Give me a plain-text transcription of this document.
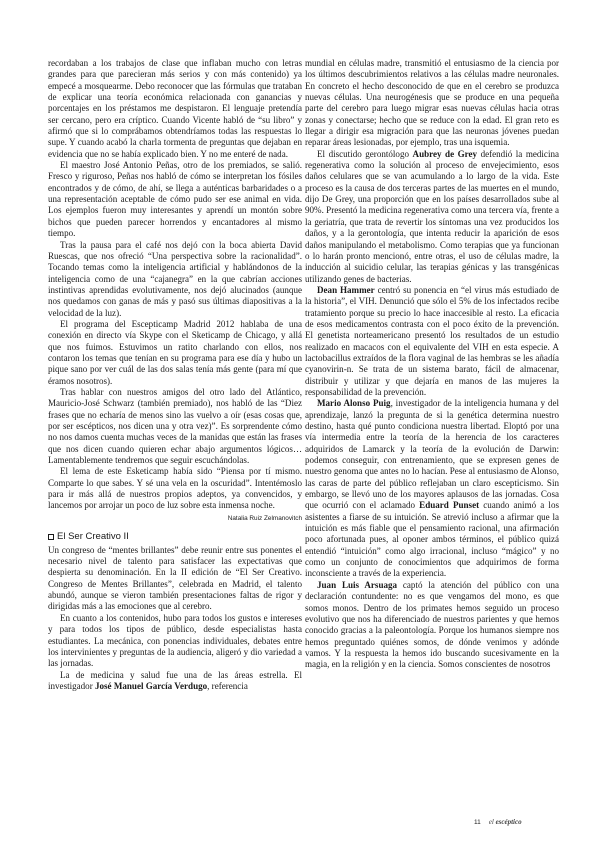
recordaban a los trabajos de clase que inflaban mucho con letras grandes para que parecieran más serios y con más contenido) ya empecé a mosquearme. Debo reconocer que las fórmulas que trataban de explicar una teoría económica relacionada con ganancias y porcentajes en los préstamos me despistaron. El lenguaje pretendía ser cercano, pero era críptico. Cuando Vicente habló de “su libro” y afirmó que si lo comprábamos obtendríamos todas las respuestas lo supe. Y cuando acabó la charla tormenta de preguntas que dejaban en evidencia que no se había explicado bien. Y no me enteré de nada.

El maestro José Antonio Peñas, otro de los premiados, se salió. Fresco y riguroso, Peñas nos habló de cómo se interpretan los fósiles encontrados y de cómo, de ahí, se llega a auténticas barbaridades o a una representación aceptable de cómo pudo ser ese animal en vida. Los ejemplos fueron muy interesantes y aprendí un montón sobre bichos que pueden parecer horrendos y encantadores al mismo tiempo.

Tras la pausa para el café nos dejó con la boca abierta David Ruescas, que nos ofreció “Una perspectiva sobre la racionalidad”. Tocando temas como la inteligencia artificial y hablándonos de la inteligencia como de una “cajanegra” en la que cabrían acciones instintivas aprendidas evolutivamente, nos dejó alucinados (aunque nos quedamos con ganas de más y pasó sus últimas diapositivas a la velocidad de la luz).

El programa del Escepticamp Madrid 2012 hablaba de una conexión en directo vía Skype con el Sketicamp de Chicago, y allá que nos fuimos. Estuvimos un ratito charlando con ellos, nos contaron los temas que tenían en su programa para ese día y hubo un pique sano por ver cuál de las dos salas tenía más gente (para mí que éramos nosotros).

Tras hablar con nuestros amigos del otro lado del Atlántico, Mauricio-José Schwarz (también premiado), nos habló de las “Diez frases que no echaría de menos sino las vuelvo a oír (esas cosas que, por ser escépticos, nos dicen una y otra vez)”. Es sorprendente cómo no nos damos cuenta muchas veces de la manidas que están las frases que nos dicen cuando quieren echar abajo argumentos lógicos… Lamentablemente tendremos que seguir escuchándolas.

El lema de este Esketicamp había sido “Piensa por tí mismo. Comparte lo que sabes. Y sé una vela en la oscuridad”. Intentémoslo para ir más allá de nuestros propios adeptos, ya convencidos, y lancemos por arrojar un poco de luz sobre esta inmensa noche.

Natalia Ruiz Zelmanovitch

El Ser Creativo II

Un congreso de “mentes brillantes” debe reunir entre sus ponentes el necesario nivel de talento para satisfacer las expectativas que despierta su denominación. En la II edición de “El Ser Creativo. Congreso de Mentes Brillantes”, celebrada en Madrid, el talento abundó, aunque se vieron también presentaciones faltas de rigor y dirigidas más a las emociones que al cerebro.

En cuanto a los contenidos, hubo para todos los gustos e intereses y para todos los tipos de público, desde especialistas hasta estudiantes. La mecánica, con ponencias individuales, debates entre los intervinientes y preguntas de la audiencia, aligeró y dio variedad a las jornadas.

La de medicina y salud fue una de las áreas estrella. El investigador José Manuel García Verdugo, referencia

mundial en células madre, transmitió el entusiasmo de la ciencia por los últimos descubrimientos relativos a las células madre neuronales. En concreto el hecho desconocido de que en el cerebro se produzca nuevas células. Una neurogénesis que se produce en una pequeña parte del cerebro para luego migrar esas nuevas células hacia otras zonas y conectarse; hecho que se reduce con la edad. El gran reto es llegar a dirigir esa migración para que las neuronas jóvenes puedan reparar áreas lesionadas, por ejemplo, tras una isquemia.

El discutido gerontólogo Aubrey de Grey defendió la medicina regenerativa como la solución al proceso de envejecimiento, esos daños celulares que se van acumulando a lo largo de la vida. Este proceso es la causa de dos terceras partes de las muertes en el mundo, dijo De Grey, una proporción que en los países desarrollados sube al 90%. Presentó la medicina regenerativa como una tercera vía, frente a la geriatría, que trata de revertir los síntomas una vez producidos los daños, y a la gerontología, que intenta reducir la aparición de esos daños manipulando el metabolismo. Como terapias que ya funcionan o lo harán pronto mencionó, entre otras, el uso de células madre, la inducción al suicidio celular, las terapias génicas y las transgénicas utilizando genes de bacterias.

Dean Hammer centró su ponencia en “el virus más estudiado de la historia”, el VIH. Denunció que sólo el 5% de los infectados recibe tratamiento porque su precio lo hace inaccesible al resto. La eficacia de esos medicamentos contrasta con el poco éxito de la prevención. El genetista norteamericano presentó los resultados de un estudio realizado en macacos con el equivalente del VIH en esta especie. A lactobacillus extraídos de la flora vaginal de las hembras se les añadía cyanovirin-n. Se trata de un sistema barato, fácil de almacenar, distribuir y utilizar y que dejaría en manos de las mujeres la responsabilidad de la prevención.

Mario Alonso Puig, investigador de la inteligencia humana y del aprendizaje, lanzó la pregunta de si la genética determina nuestro destino, hasta qué punto condiciona nuestra libertad. Eloptó por una vía intermedia entre la teoría de la herencia de los caracteres adquiridos de Lamarck y la teoría de la evolución de Darwin: podemos conseguir, con entrenamiento, que se expresen genes de nuestro genoma que antes no lo hacían. Pese al entusiasmo de Alonso, las caras de parte del público reflejaban un claro escepticismo. Sin embargo, se llevó uno de los mayores aplausos de las jornadas. Cosa que ocurrió con el aclamado Eduard Punset cuando animó a los asistentes a fiarse de su intuición. Se atrevió incluso a afirmar que la intuición es más fiable que el pensamiento racional, una afirmación poco afortunada pues, al oponer ambos términos, el público quizá entendió “intuición” como algo irracional, incluso “mágico” y no como un conjunto de conocimientos que adquirimos de forma inconsciente a través de la experiencia.

Juan Luis Arsuaga captó la atención del público con una declaración contundente: no es que vengamos del mono, es que somos monos. Dentro de los primates hemos seguido un proceso evolutivo que nos ha diferenciado de nuestros parientes y que hemos conocido gracias a la paleontología. Porque los humanos siempre nos hemos preguntado quiénes somos, de dónde venimos y adónde vamos. Y la respuesta la hemos ido buscando sucesivamente en la magia, en la religión y en la ciencia. Somos conscientes de nosotros

11 el escéptico
